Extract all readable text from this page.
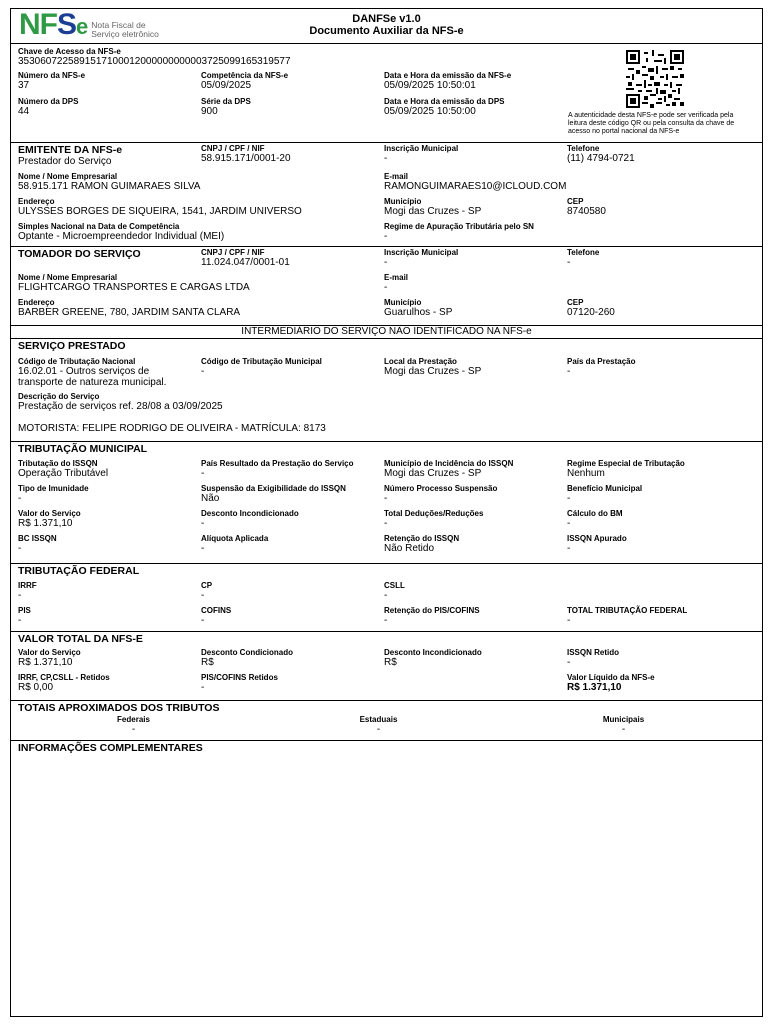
NFSe Nota Fiscal de
Serviço eletrônico
DANFSe v1.0
Documento Auxiliar da NFS-e
Chave de Acesso da NFS-e
35306072258915171000120000000000037250991653195​77
Número da NFS-e
37
Competência da NFS-e
05/09/2025
Data e Hora da emissão da NFS-e
05/09/2025 10:50:01
Número da DPS
44
Série da DPS
900
Data e Hora da emissão da DPS
05/09/2025 10:50:00	A autenticidade desta NFS-e pode ser verificada pela leitura deste código QR ou pela consulta da chave de acesso no portal nacional da NFS-e
EMITENTE DA NFS-e
Prestador do Serviço
CNPJ / CPF / NIF
58.915.171/0001-20
Inscrição Municipal
-
Telefone
(11) 4794-0721
Nome / Nome Empresarial
58.915.171 RAMON GUIMARAES SILVA
E-mail
RAMONGUIMARAES10@ICLOUD.COM
Endereço
ULYSSES BORGES DE SIQUEIRA, 1541, JARDIM UNIVERSO
Município
Mogi das Cruzes - SP
CEP
8740580
Simples Nacional na Data de Competência
Optante - Microempreendedor Individual (MEI)
Regime de Apuração Tributária pelo SN
-
TOMADOR DO SERVIÇO	CNPJ / CPF / NIF
11.024.047/0001-01
Inscrição Municipal
-
Telefone
-
Nome / Nome Empresarial
FLIGHTCARGO TRANSPORTES E CARGAS LTDA
E-mail
-
Endereço
BARBER GREENE, 780, JARDIM SANTA CLARA
Município
Guarulhos - SP
CEP
07120-260
INTERMEDIÁRIO DO SERVIÇO NÃO IDENTIFICADO NA NFS-e
SERVIÇO PRESTADO
Código de Tributação Nacional
16.02.01 - Outros serviços de transporte de natureza municipal.
Código de Tributação Municipal
-
Local da Prestação
Mogi das Cruzes - SP
País da Prestação
-
Descrição do Serviço
Prestação de serviços ref. 28/08 a 03/09/2025
MOTORISTA: FELIPE RODRIGO DE OLIVEIRA - MATRÍCULA: 8173
TRIBUTAÇÃO MUNICIPAL
Tributação do ISSQN
Operação Tributável
País Resultado da Prestação do Serviço
-
Município de Incidência do ISSQN
Mogi das Cruzes - SP
Regime Especial de Tributação
Nenhum
Tipo de Imunidade
-
Suspensão da Exigibilidade do ISSQN
Não
Número Processo Suspensão
-
Benefício Municipal
-
Valor do Serviço
R$ 1.371,10
Desconto Incondicionado
-
Total Deduções/Reduções
-
Cálculo do BM
-
BC ISSQN
-
Alíquota Aplicada
-
Retenção do ISSQN
Não Retido
ISSQN Apurado
-
TRIBUTAÇÃO FEDERAL
IRRF
-
CP
-
CSLL
-
PIS
-
COFINS
-
Retenção do PIS/COFINS
-
TOTAL TRIBUTAÇÃO FEDERAL
-
VALOR TOTAL DA NFS-E
Valor do Serviço
R$ 1.371,10
Desconto Condicionado
R$
Desconto Incondicionado
R$
ISSQN Retido
-
IRRF, CP,CSLL - Retidos
R$ 0,00
PIS/COFINS Retidos
-
Valor Líquido da NFS-e
R$ 1.371,10
TOTAIS APROXIMADOS DOS TRIBUTOS
Federais
-
Estaduais
-
Municipais
-
INFORMAÇÕES COMPLEMENTARES
